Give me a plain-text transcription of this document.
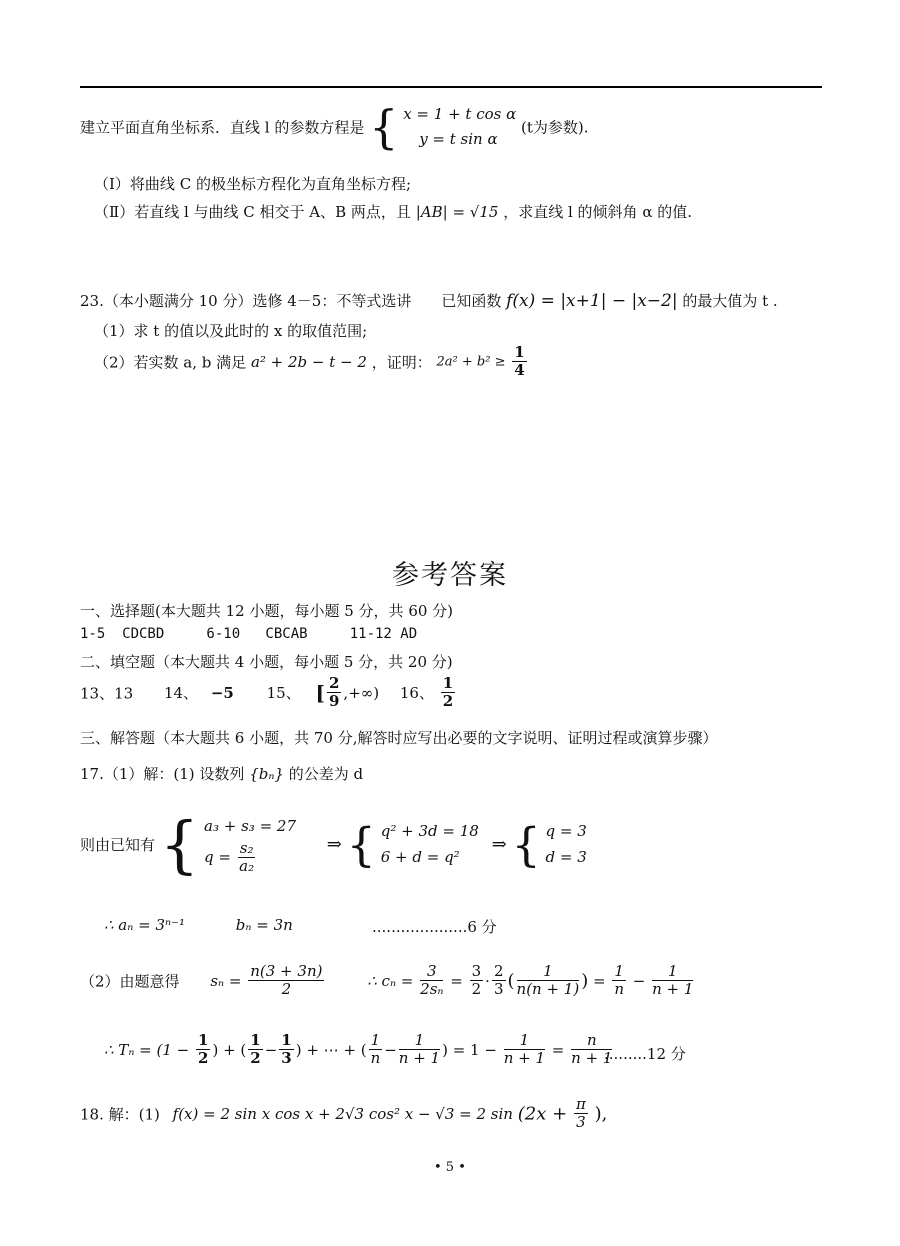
建立平面直角坐标系．直线 l 的参数方程是 { x = 1 + t cos α
y = t sin α
(t为参数).
（Ⅰ）将曲线 C 的极坐标方程化为直角坐标方程;
（Ⅱ）若直线 l 与曲线 C 相交于 A、B 两点，且 |AB| = √15 ，求直线 l 的倾斜角 α 的值.
23.（本小题满分 10 分）选修 4－5：不等式选讲　　已知函数 f(x) = |x+1| − |x−2| 的最大值为 t .
（1）求 t 的值以及此时的 x 的取值范围;
（2）若实数 a, b 满足 a² + 2b − t − 2 ，证明： $2a^2 + b^2 \ge \frac{1}{4}$
参考答案
一、选择题(本大题共 12 小题，每小题 5 分，共 60 分)
1-5  CDCBD     6-10   CBCAB     11-12 AD
二、填空题（本大题共 4 小题，每小题 5 分，共 20 分)
13、13 14、 −5 15、 [ $\frac{2}{9}$ ,+∞) 16、 $\frac{1}{2}$
三、解答题（本大题共 6 小题，共 70 分,解答时应写出必要的文字说明、证明过程或演算步骤）
17.（1）解：(1) 设数列 {bₙ} 的公差为 d
则由已知有 { a₃ + s₃ = 27
$q = \frac{\text{s₂}}{\text{a₂}}$	⇒ { q² + 3d = 18
6 + d = q²
⇒ { q = 3
d = 3
∴ aₙ = 3ⁿ⁻¹	bₙ = 3n	....................6 分
（2）由题意得 $s_n = \frac{n(3 + 3n)}{2}$	∴ $c_n = \frac{3}{\text{2sₙ}} = \frac{3}{2} \cdot \frac{2}{3}$ ( $\frac{1}{n(n + 1)}$ ) = $\frac{1}{n} - \frac{1}{n + 1}$
∴ $T_n = (1 - \frac{1}{2}$ ) + ( $\frac{1}{2} - \frac{1}{3}$ ) + ⋯ + ( $\frac{1}{n} - \frac{1}{n + 1}$ ) = $1 - \frac{1}{n + 1} = \frac{n}{n + 1}$
.........12 分
18. 解：(1) f(x) = 2 sin x cos x + 2√3 cos² x − √3 = 2 $\sin (2x + \frac{\pi}{3}$ ),
• 5 •
